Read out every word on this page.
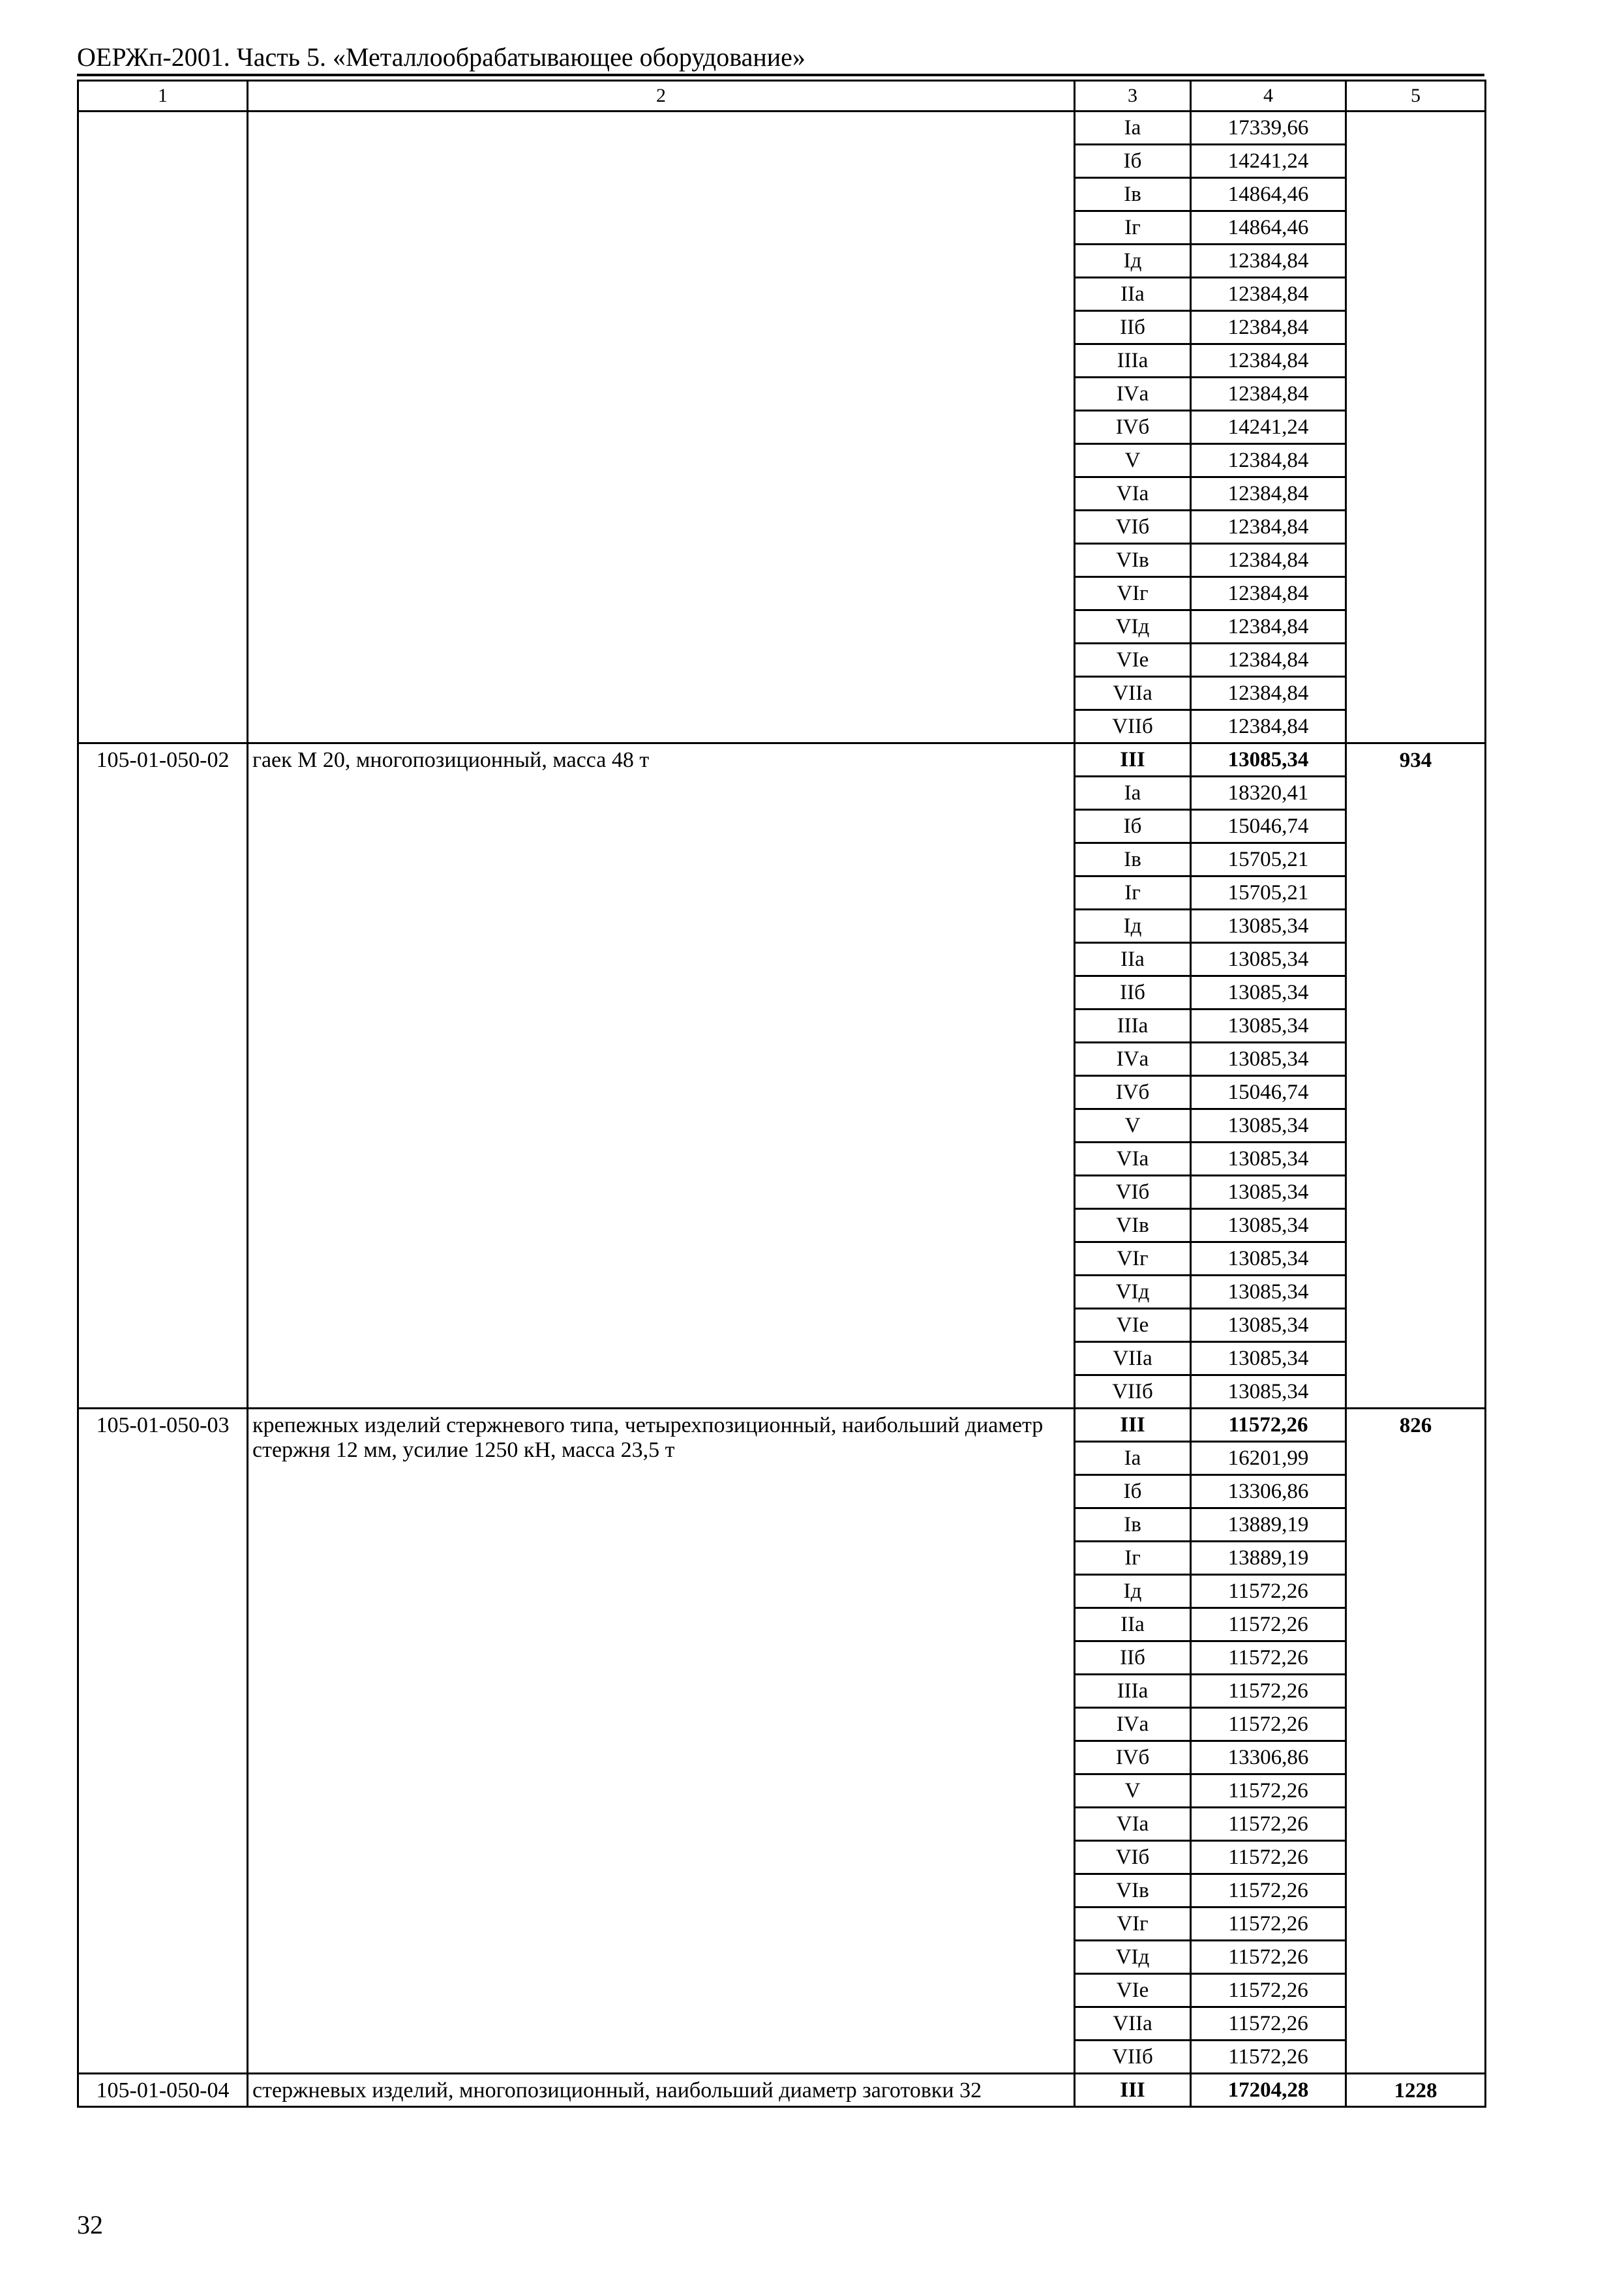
ОЕРЖп-2001. Часть 5. «Металлообрабатывающее оборудование»
1	2	3	4	5
		Iа	17339,66	
		Iб	14241,24	
		Iв	14864,46	
		Iг	14864,46	
		Iд	12384,84	
		IIа	12384,84	
		IIб	12384,84	
		IIIа	12384,84	
		IVа	12384,84	
		IVб	14241,24	
		V	12384,84	
		VIа	12384,84	
		VIб	12384,84	
		VIв	12384,84	
		VIг	12384,84	
		VIд	12384,84	
		VIе	12384,84	
		VIIа	12384,84	
		VIIб	12384,84	
105-01-050-02	гаек М 20, многопозиционный, масса 48 т	III	13085,34	934
		Iа	18320,41	
		Iб	15046,74	
		Iв	15705,21	
		Iг	15705,21	
		Iд	13085,34	
		IIа	13085,34	
		IIб	13085,34	
		IIIа	13085,34	
		IVа	13085,34	
		IVб	15046,74	
		V	13085,34	
		VIа	13085,34	
		VIб	13085,34	
		VIв	13085,34	
		VIг	13085,34	
		VIд	13085,34	
		VIе	13085,34	
		VIIа	13085,34	
		VIIб	13085,34	
105-01-050-03	крепежных изделий стержневого типа, четырехпозиционный, наибольший диаметр стержня 12 мм, усилие 1250 кН, масса 23,5 т	III	11572,26	826
		Iа	16201,99	
		Iб	13306,86	
		Iв	13889,19	
		Iг	13889,19	
		Iд	11572,26	
		IIа	11572,26	
		IIб	11572,26	
		IIIа	11572,26	
		IVа	11572,26	
		IVб	13306,86	
		V	11572,26	
		VIа	11572,26	
		VIб	11572,26	
		VIв	11572,26	
		VIг	11572,26	
		VIд	11572,26	
		VIе	11572,26	
		VIIа	11572,26	
		VIIб	11572,26	
105-01-050-04	стержневых изделий, многопозиционный, наибольший диаметр заготовки 32	III	17204,28	1228
32
